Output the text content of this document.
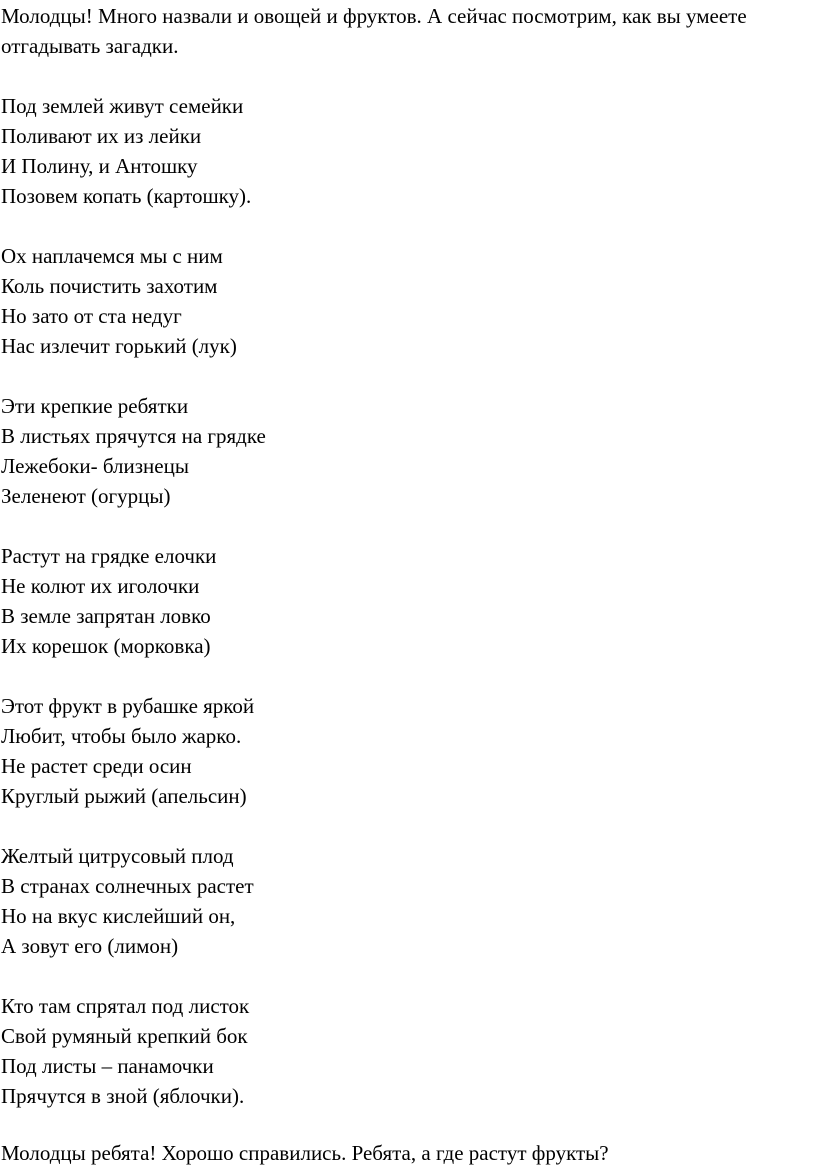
Молодцы! Много назвали и овощей и фруктов. А сейчас посмотрим, как вы умеете
отгадывать загадки.

Под землей живут семейки
Поливают их из лейки
И Полину, и Антошку
Позовем копать (картошку).

Ох наплачемся мы с ним
Коль почистить захотим
Но зато от ста недуг
Нас излечит горький (лук)

Эти крепкие ребятки
В листьях прячутся на грядке
Лежебоки- близнецы
Зеленеют (огурцы)

Растут на грядке елочки
Не колют их иголочки
В земле запрятан ловко
Их корешок (морковка)

Этот фрукт в рубашке яркой
Любит, чтобы было жарко.
Не растет среди осин
Круглый рыжий (апельсин)

Желтый цитрусовый плод
В странах солнечных растет
Но на вкус кислейший он,
А зовут его (лимон)

Кто там спрятал под листок
Свой румяный крепкий бок
Под листы – панамочки
Прячутся в зной (яблочки).

Молодцы ребята! Хорошо справились. Ребята, а где растут фрукты?
